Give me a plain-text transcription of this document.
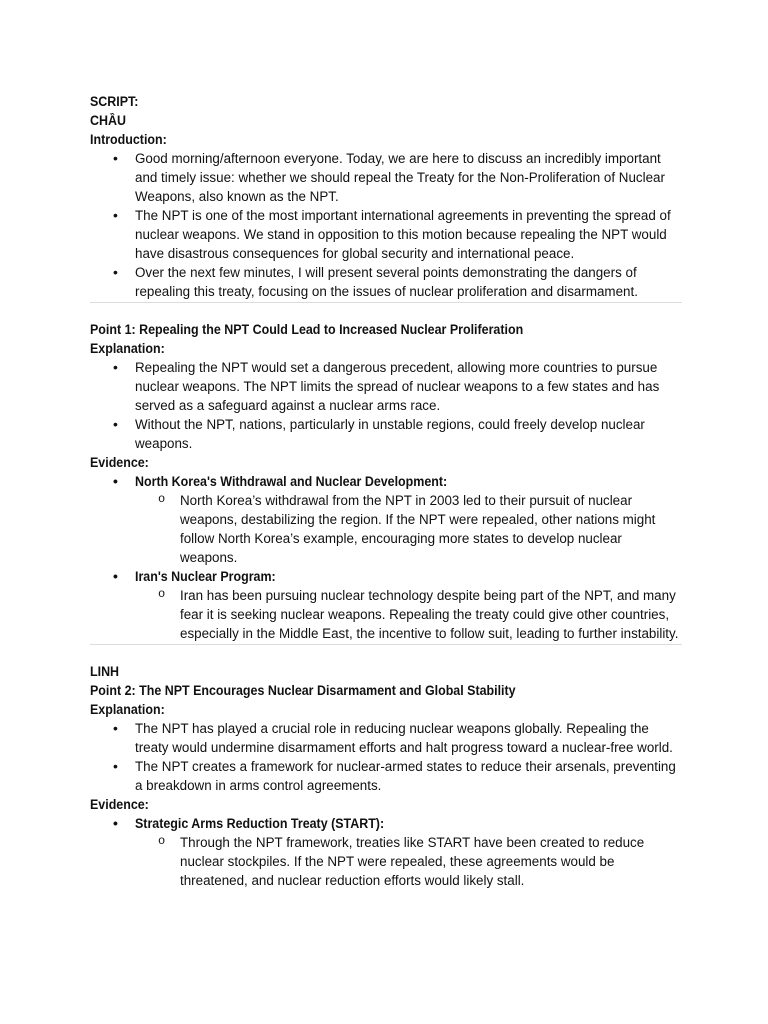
SCRIPT:
CHẦU
Introduction:
• Good morning/afternoon everyone. Today, we are here to discuss an incredibly important and timely issue: whether we should repeal the Treaty for the Non-Proliferation of Nuclear Weapons, also known as the NPT.
• The NPT is one of the most important international agreements in preventing the spread of nuclear weapons. We stand in opposition to this motion because repealing the NPT would have disastrous consequences for global security and international peace.
• Over the next few minutes, I will present several points demonstrating the dangers of repealing this treaty, focusing on the issues of nuclear proliferation and disarmament.
Point 1: Repealing the NPT Could Lead to Increased Nuclear Proliferation
Explanation:
• Repealing the NPT would set a dangerous precedent, allowing more countries to pursue nuclear weapons. The NPT limits the spread of nuclear weapons to a few states and has served as a safeguard against a nuclear arms race.
• Without the NPT, nations, particularly in unstable regions, could freely develop nuclear weapons.
Evidence:
• North Korea's Withdrawal and Nuclear Development:
o North Korea’s withdrawal from the NPT in 2003 led to their pursuit of nuclear weapons, destabilizing the region. If the NPT were repealed, other nations might follow North Korea’s example, encouraging more states to develop nuclear weapons.
• Iran's Nuclear Program:
o Iran has been pursuing nuclear technology despite being part of the NPT, and many fear it is seeking nuclear weapons. Repealing the treaty could give other countries, especially in the Middle East, the incentive to follow suit, leading to further instability.
LINH
Point 2: The NPT Encourages Nuclear Disarmament and Global Stability
Explanation:
• The NPT has played a crucial role in reducing nuclear weapons globally. Repealing the treaty would undermine disarmament efforts and halt progress toward a nuclear-free world.
• The NPT creates a framework for nuclear-armed states to reduce their arsenals, preventing a breakdown in arms control agreements.
Evidence:
• Strategic Arms Reduction Treaty (START):
o Through the NPT framework, treaties like START have been created to reduce nuclear stockpiles. If the NPT were repealed, these agreements would be threatened, and nuclear reduction efforts would likely stall.
